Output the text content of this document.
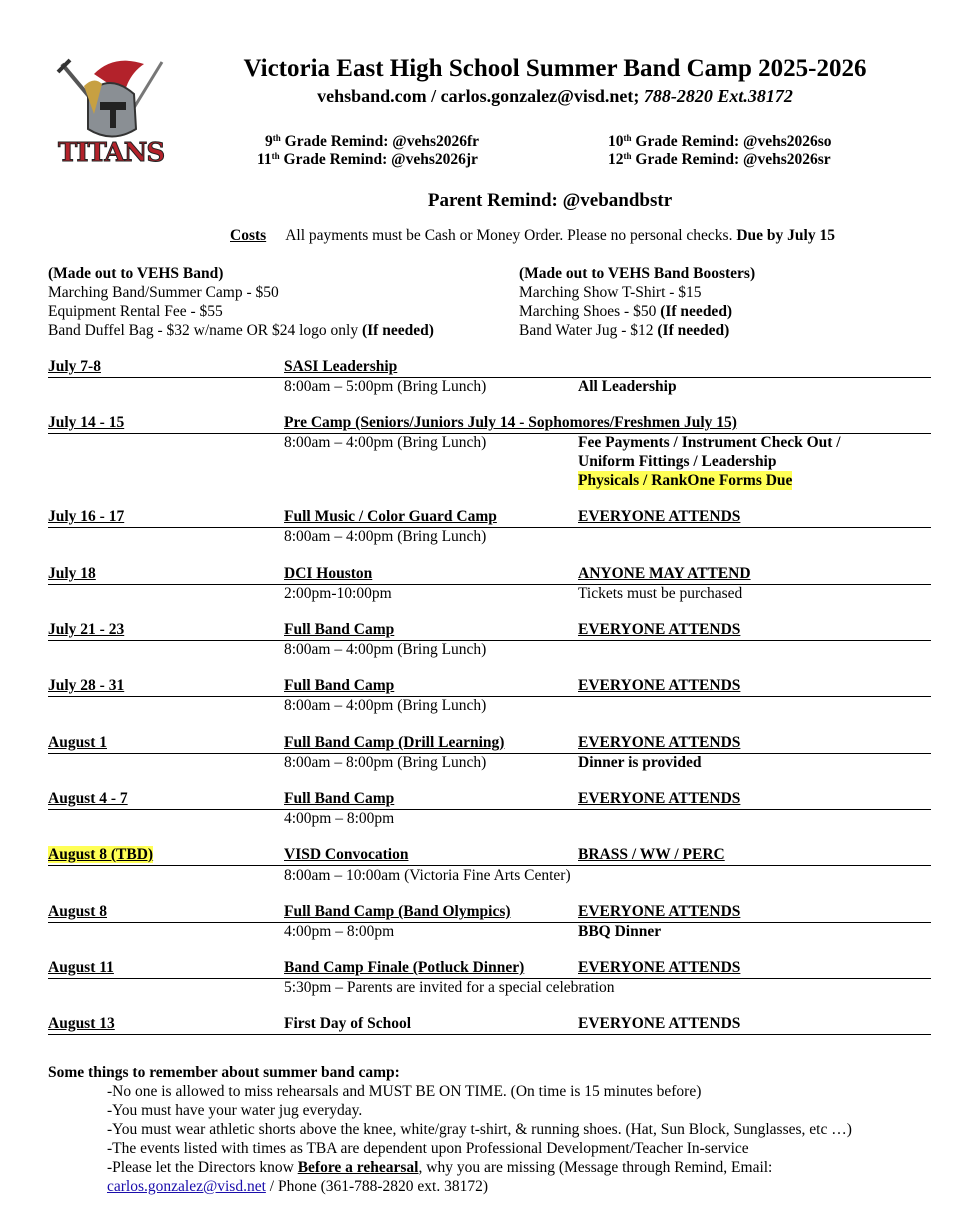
TITANS
Victoria East High School Summer Band Camp 2025-2026
vehsband.com / carlos.gonzalez@visd.net; 788-2820 Ext.38172
9th Grade Remind: @vehs2026fr	10th Grade Remind: @vehs2026so
11th Grade Remind: @vehs2026jr	12th Grade Remind: @vehs2026sr
Parent Remind: @vebandbstr
Costs All payments must be Cash or Money Order. Please no personal checks. Due by July 15
(Made out to VEHS Band)
Marching Band/Summer Camp - $50
Equipment Rental Fee - $55
Band Duffel Bag - $32 w/name OR $24 logo only (If needed)
(Made out to VEHS Band Boosters)
Marching Show T-Shirt - $15
Marching Shoes - $50 (If needed)
Band Water Jug - $12 (If needed)
July 7-8	SASI Leadership
8:00am – 5:00pm (Bring Lunch)	All Leadership
July 14 - 15	Pre Camp (Seniors/Juniors July 14 - Sophomores/Freshmen July 15)
8:00am – 4:00pm (Bring Lunch)	Fee Payments / Instrument Check Out /
Uniform Fittings / Leadership
Physicals / RankOne Forms Due
July 16 - 17	Full Music / Color Guard Camp	EVERYONE ATTENDS
8:00am – 4:00pm (Bring Lunch)
July 18	DCI Houston	ANYONE MAY ATTEND
2:00pm-10:00pm	Tickets must be purchased
July 21 - 23	Full Band Camp	EVERYONE ATTENDS
8:00am – 4:00pm (Bring Lunch)
July 28 - 31	Full Band Camp	EVERYONE ATTENDS
8:00am – 4:00pm (Bring Lunch)
August 1	Full Band Camp (Drill Learning)	EVERYONE ATTENDS
8:00am – 8:00pm (Bring Lunch)	Dinner is provided
August 4 - 7	Full Band Camp	EVERYONE ATTENDS
4:00pm – 8:00pm
August 8 (TBD)	VISD Convocation	BRASS / WW / PERC
8:00am – 10:00am (Victoria Fine Arts Center)
August 8	Full Band Camp (Band Olympics)	EVERYONE ATTENDS
4:00pm – 8:00pm	BBQ Dinner
August 11	Band Camp Finale (Potluck Dinner)	EVERYONE ATTENDS
5:30pm – Parents are invited for a special celebration
August 13	First Day of School	EVERYONE ATTENDS
Some things to remember about summer band camp:
-No one is allowed to miss rehearsals and MUST BE ON TIME. (On time is 15 minutes before)
-You must have your water jug everyday.
-You must wear athletic shorts above the knee, white/gray t-shirt, & running shoes. (Hat, Sun Block, Sunglasses, etc …)
-The events listed with times as TBA are dependent upon Professional Development/Teacher In-service
-Please let the Directors know Before a rehearsal, why you are missing (Message through Remind, Email:
carlos.gonzalez@visd.net / Phone (361-788-2820 ext. 38172)
